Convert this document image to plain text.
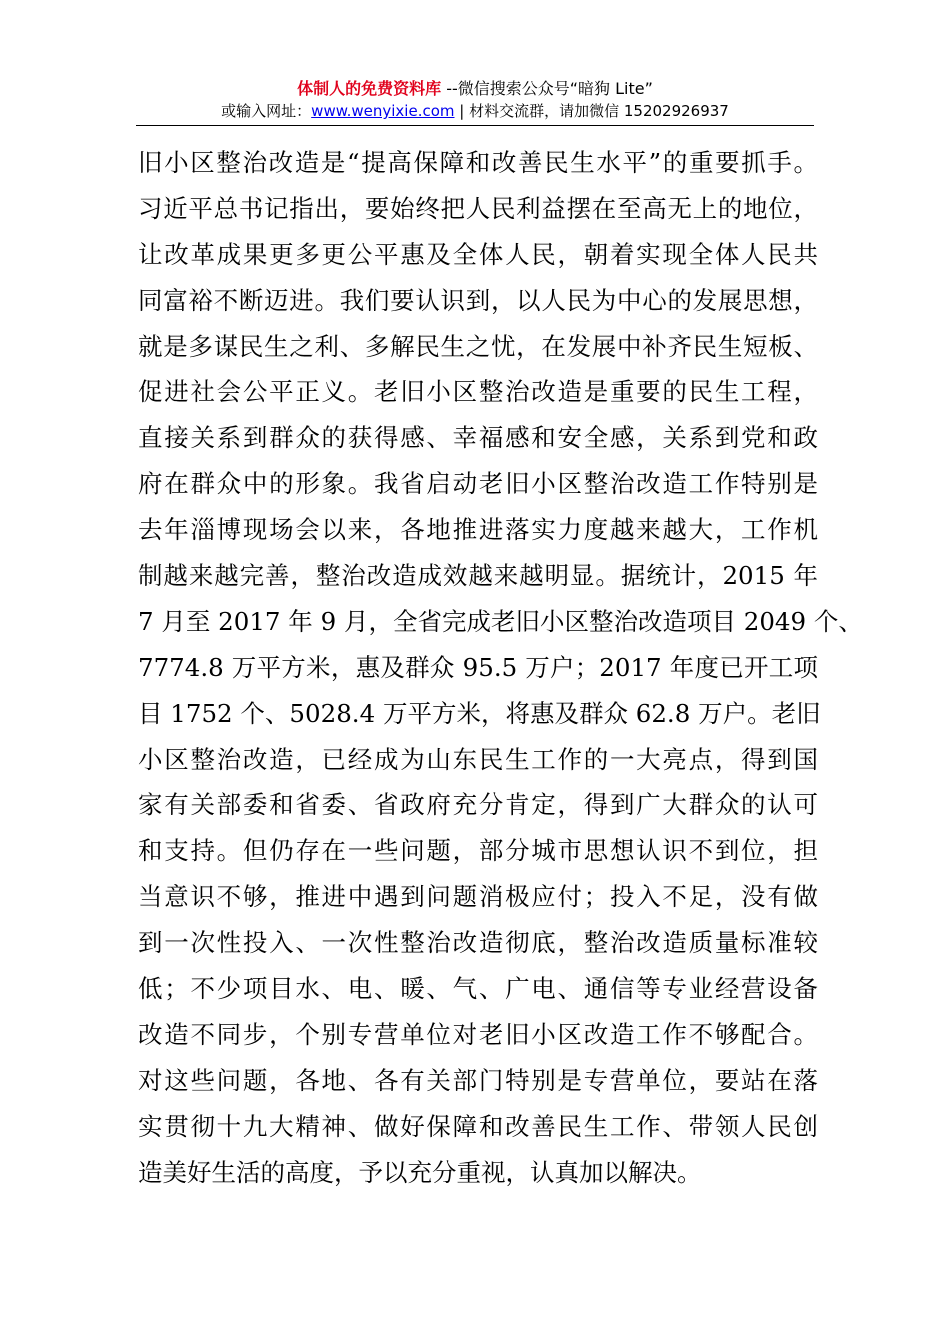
体制人的免费资料库 --微信搜索公众号“暗狗 Lite”
或输入网址：www.wenyixie.com | 材料交流群，请加微信 15202926937
旧小区整治改造是“提高保障和改善民生水平”的重要抓手。
习近平总书记指出，要始终把人民利益摆在至高无上的地位，
让改革成果更多更公平惠及全体人民，朝着实现全体人民共
同富裕不断迈进。我们要认识到，以人民为中心的发展思想，
就是多谋民生之利、多解民生之忧，在发展中补齐民生短板、
促进社会公平正义。老旧小区整治改造是重要的民生工程，
直接关系到群众的获得感、幸福感和安全感，关系到党和政
府在群众中的形象。我省启动老旧小区整治改造工作特别是
去年淄博现场会以来，各地推进落实力度越来越大，工作机
制越来越完善，整治改造成效越来越明显。据统计，2015 年
7 月至 2017 年 9 月，全省完成老旧小区整治改造项目 2049 个、
7774.8 万平方米，惠及群众 95.5 万户；2017 年度已开工项
目 1752 个、5028.4 万平方米，将惠及群众 62.8 万户。老旧
小区整治改造，已经成为山东民生工作的一大亮点，得到国
家有关部委和省委、省政府充分肯定，得到广大群众的认可
和支持。但仍存在一些问题，部分城市思想认识不到位，担
当意识不够，推进中遇到问题消极应付；投入不足，没有做
到一次性投入、一次性整治改造彻底，整治改造质量标准较
低；不少项目水、电、暖、气、广电、通信等专业经营设备
改造不同步，个别专营单位对老旧小区改造工作不够配合。
对这些问题，各地、各有关部门特别是专营单位，要站在落
实贯彻十九大精神、做好保障和改善民生工作、带领人民创
造美好生活的高度，予以充分重视，认真加以解决。
